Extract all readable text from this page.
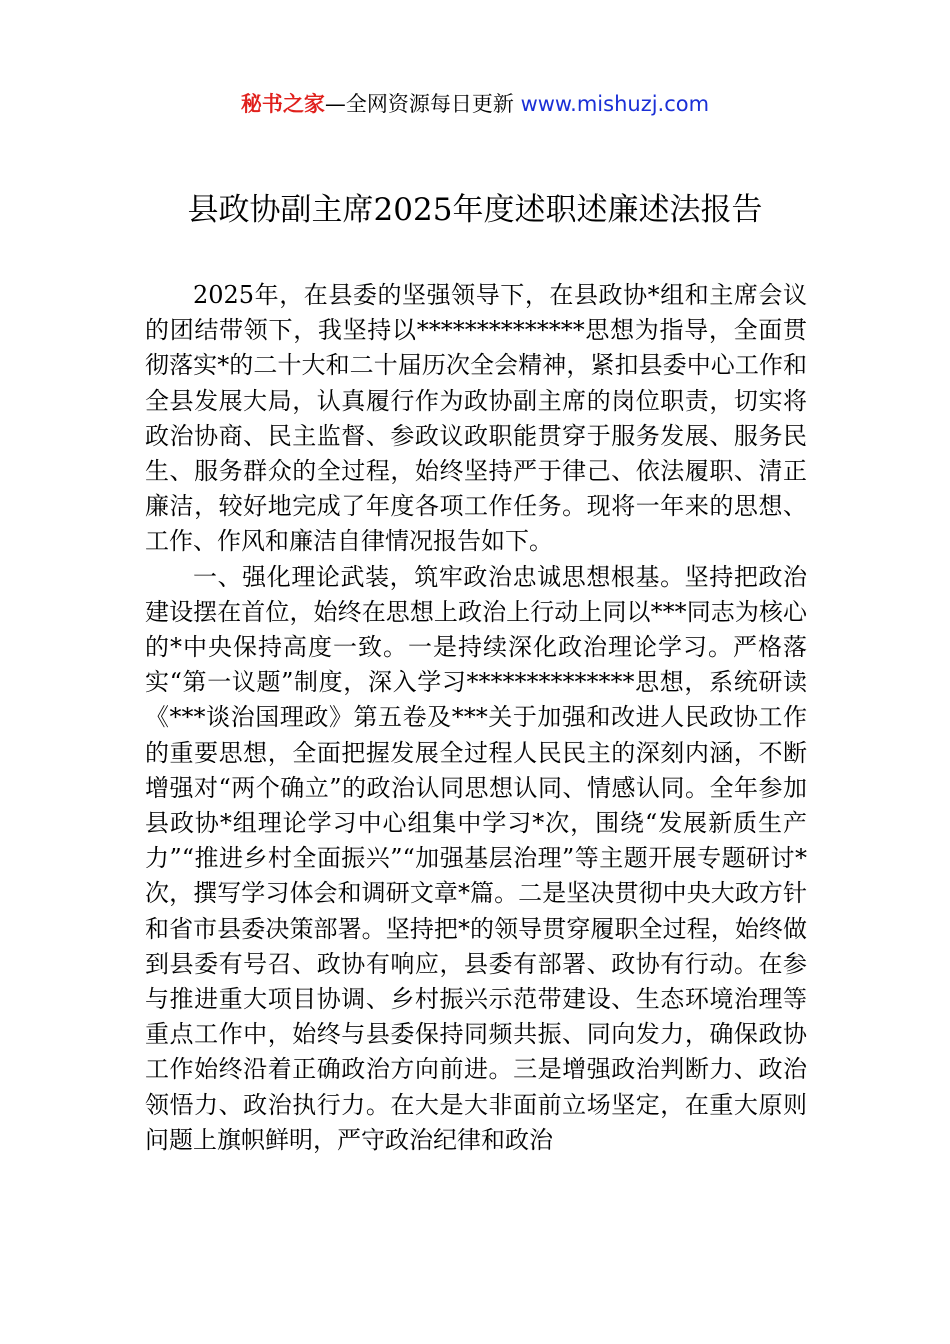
秘书之家—全网资源每日更新 www.mishuzj.com
县政协副主席2025年度述职述廉述法报告

2025年，在县委的坚强领导下，在县政协*组和主席会议的团结带领下，我坚持以**************思想为指导，全面贯彻落实*的二十大和二十届历次全会精神，紧扣县委中心工作和全县发展大局，认真履行作为政协副主席的岗位职责，切实将政治协商、民主监督、参政议政职能贯穿于服务发展、服务民生、服务群众的全过程，始终坚持严于律己、依法履职、清正廉洁，较好地完成了年度各项工作任务。现将一年来的思想、工作、作风和廉洁自律情况报告如下。

一、强化理论武装，筑牢政治忠诚思想根基。坚持把政治建设摆在首位，始终在思想上政治上行动上同以***同志为核心的*中央保持高度一致。一是持续深化政治理论学习。严格落实“第一议题”制度，深入学习**************思想，系统研读《***谈治国理政》第五卷及***关于加强和改进人民政协工作的重要思想，全面把握发展全过程人民民主的深刻内涵，不断增强对“两个确立”的政治认同思想认同、情感认同。全年参加县政协*组理论学习中心组集中学习*次，围绕“发展新质生产力”“推进乡村全面振兴”“加强基层治理”等主题开展专题研讨*次，撰写学习体会和调研文章*篇。二是坚决贯彻中央大政方针和省市县委决策部署。坚持把*的领导贯穿履职全过程，始终做到县委有号召、政协有响应，县委有部署、政协有行动。在参与推进重大项目协调、乡村振兴示范带建设、生态环境治理等重点工作中，始终与县委保持同频共振、同向发力，确保政协工作始终沿着正确政治方向前进。三是增强政治判断力、政治领悟力、政治执行力。在大是大非面前立场坚定，在重大原则问题上旗帜鲜明，严守政治纪律和政治
